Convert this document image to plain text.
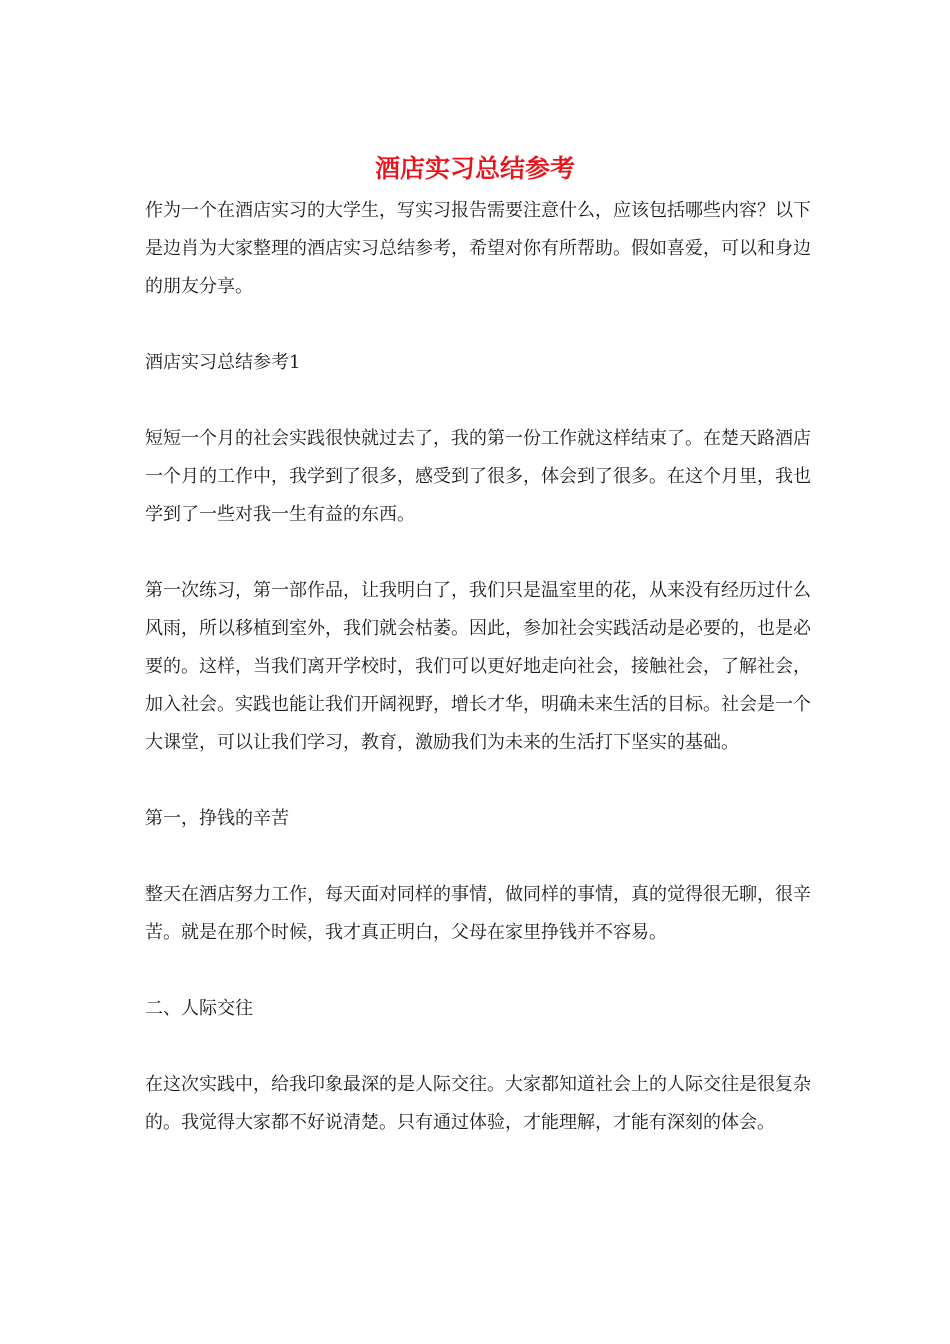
酒店实习总结参考

作为一个在酒店实习的大学生，写实习报告需要注意什么，应该包括哪些内容？以下是边肖为大家整理的酒店实习总结参考，希望对你有所帮助。假如喜爱，可以和身边的朋友分享。

酒店实习总结参考1

短短一个月的社会实践很快就过去了，我的第一份工作就这样结束了。在楚天路酒店一个月的工作中，我学到了很多，感受到了很多，体会到了很多。在这个月里，我也学到了一些对我一生有益的东西。

第一次练习，第一部作品，让我明白了，我们只是温室里的花，从来没有经历过什么风雨，所以移植到室外，我们就会枯萎。因此，参加社会实践活动是必要的，也是必要的。这样，当我们离开学校时，我们可以更好地走向社会，接触社会，了解社会，加入社会。实践也能让我们开阔视野，增长才华，明确未来生活的目标。社会是一个大课堂，可以让我们学习，教育，激励我们为未来的生活打下坚实的基础。

第一，挣钱的辛苦

整天在酒店努力工作，每天面对同样的事情，做同样的事情，真的觉得很无聊，很辛苦。就是在那个时候，我才真正明白，父母在家里挣钱并不容易。

二、人际交往

在这次实践中，给我印象最深的是人际交往。大家都知道社会上的人际交往是很复杂的。我觉得大家都不好说清楚。只有通过体验，才能理解，才能有深刻的体会。
